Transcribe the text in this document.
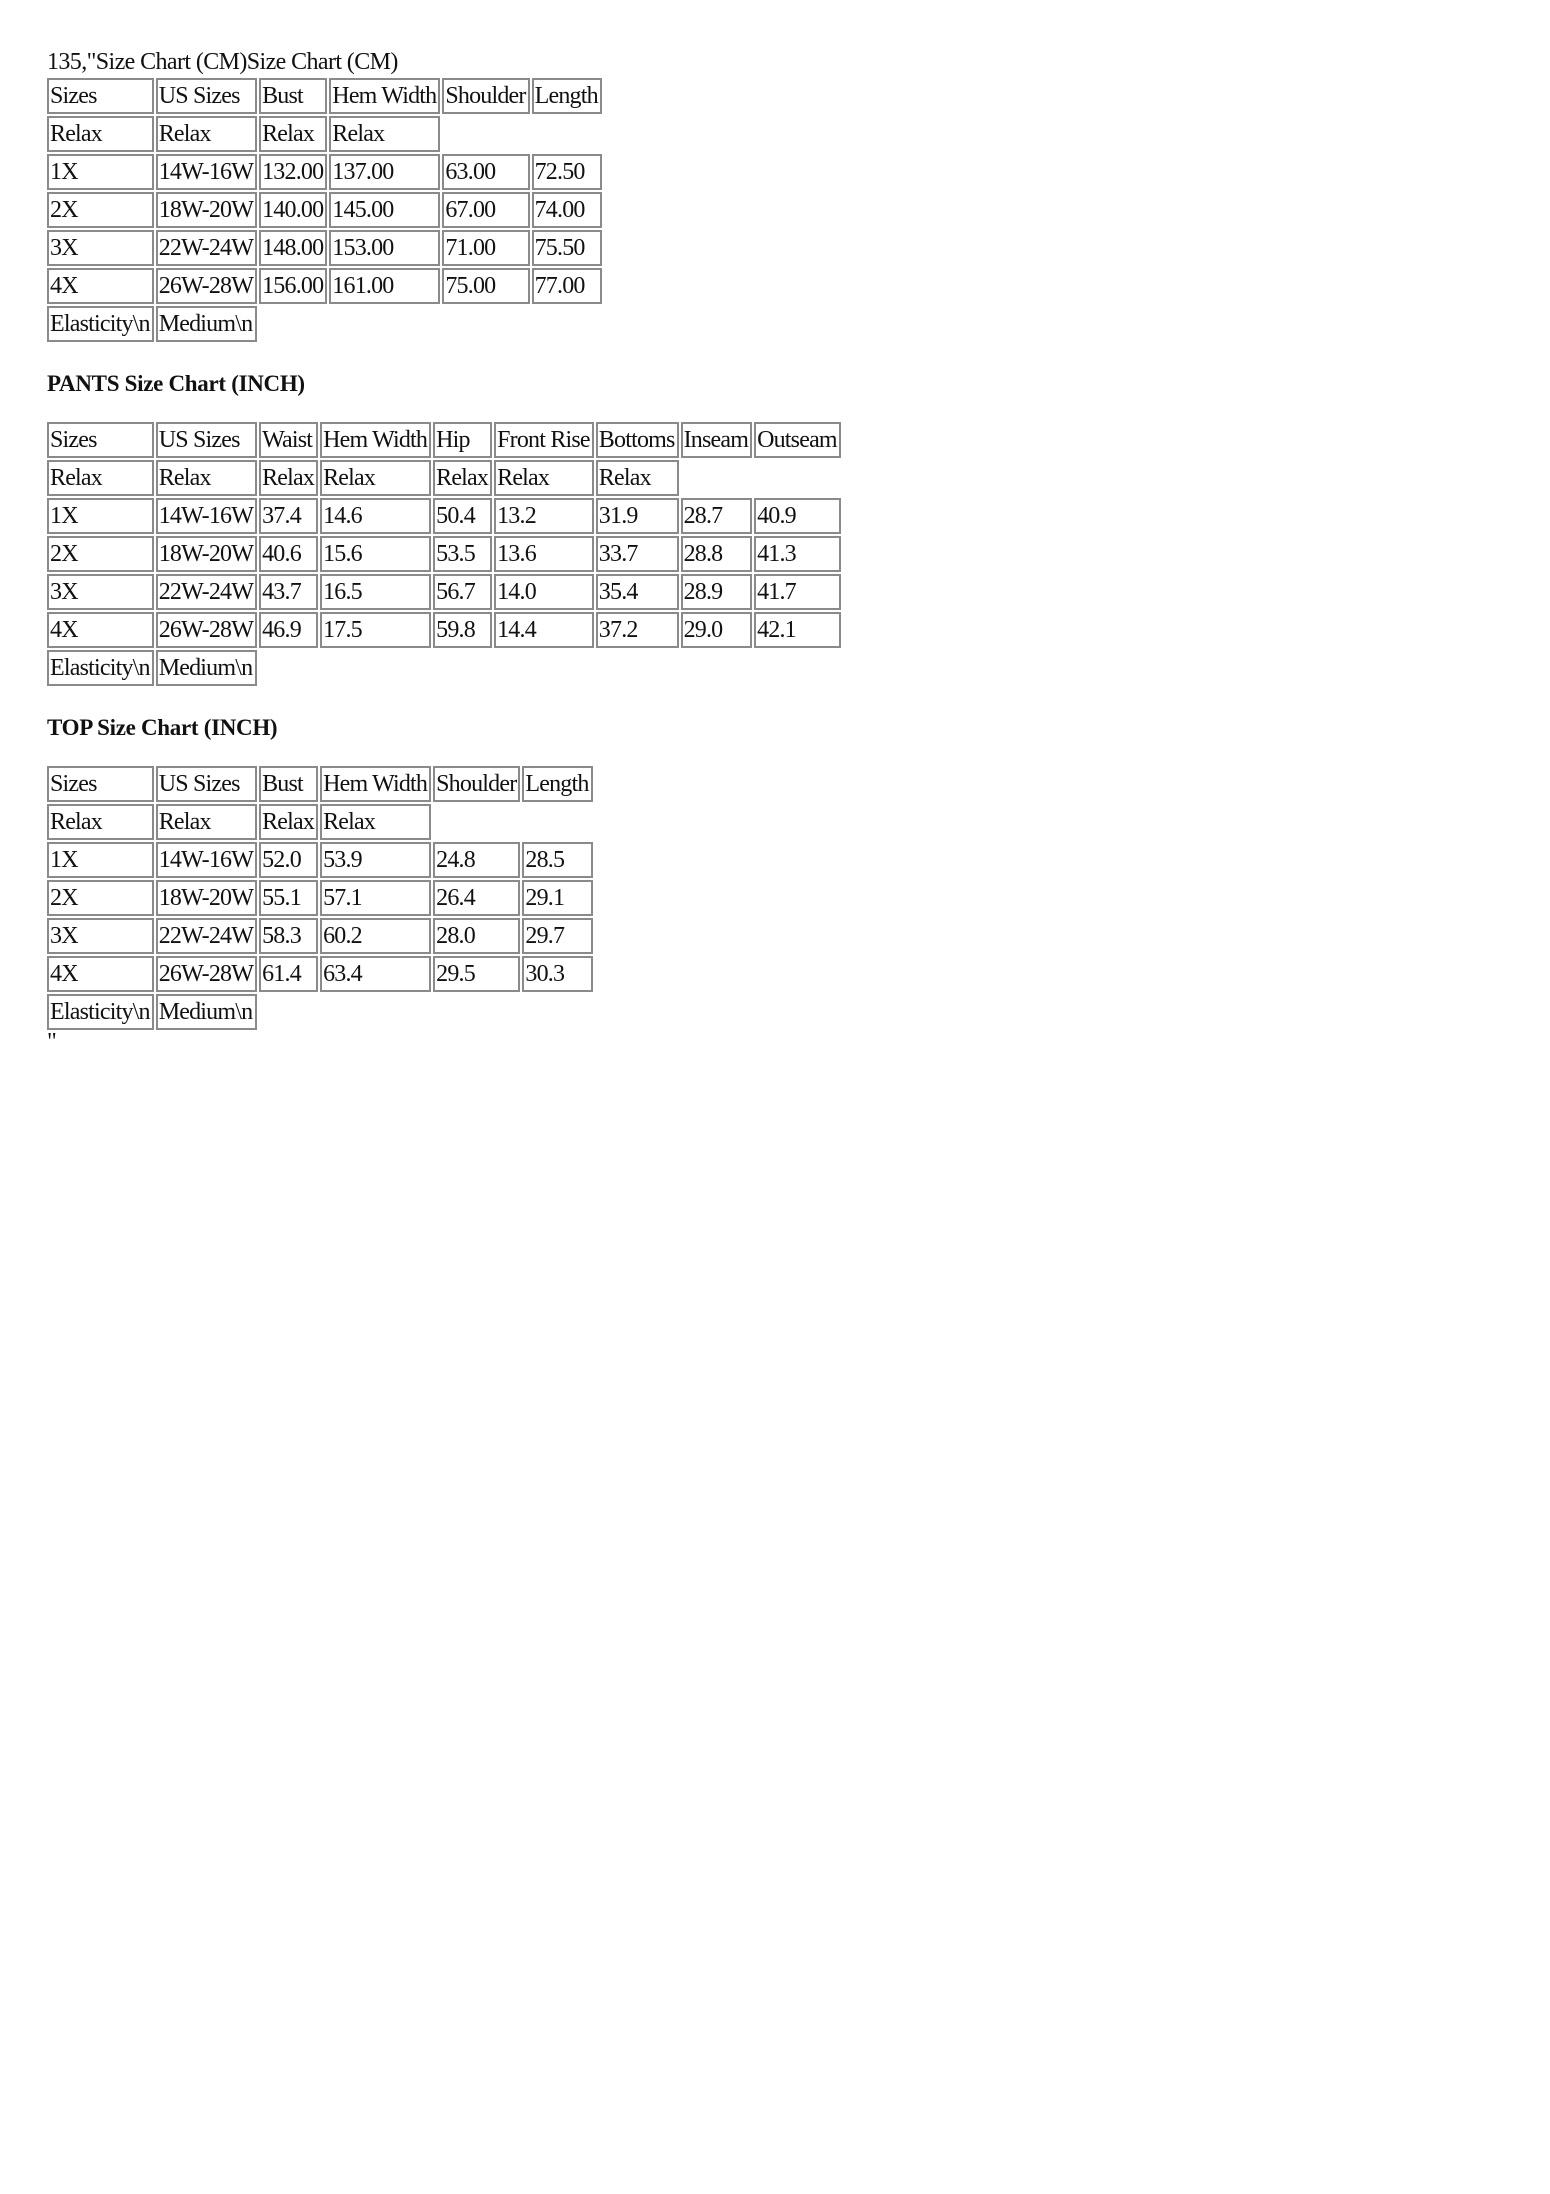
135,"Size Chart (CM)Size Chart (CM)
Sizes	US Sizes	Bust	Hem Width	Shoulder	Length
Relax	Relax	Relax	Relax		
1X	14W-16W	132.00	137.00	63.00	72.50
2X	18W-20W	140.00	145.00	67.00	74.00
3X	22W-24W	148.00	153.00	71.00	75.50
4X	26W-28W	156.00	161.00	75.00	77.00
Elasticity\n	Medium\n				
PANTS Size Chart (INCH)
Sizes	US Sizes	Waist	Hem Width	Hip	Front Rise	Bottoms	Inseam	Outseam
Relax	Relax	Relax	Relax	Relax	Relax	Relax		
1X	14W-16W	37.4	14.6	50.4	13.2	31.9	28.7	40.9
2X	18W-20W	40.6	15.6	53.5	13.6	33.7	28.8	41.3
3X	22W-24W	43.7	16.5	56.7	14.0	35.4	28.9	41.7
4X	26W-28W	46.9	17.5	59.8	14.4	37.2	29.0	42.1
Elasticity\n	Medium\n							
TOP Size Chart (INCH)
Sizes	US Sizes	Bust	Hem Width	Shoulder	Length
Relax	Relax	Relax	Relax		
1X	14W-16W	52.0	53.9	24.8	28.5
2X	18W-20W	55.1	57.1	26.4	29.1
3X	22W-24W	58.3	60.2	28.0	29.7
4X	26W-28W	61.4	63.4	29.5	30.3
Elasticity\n	Medium\n				
"
